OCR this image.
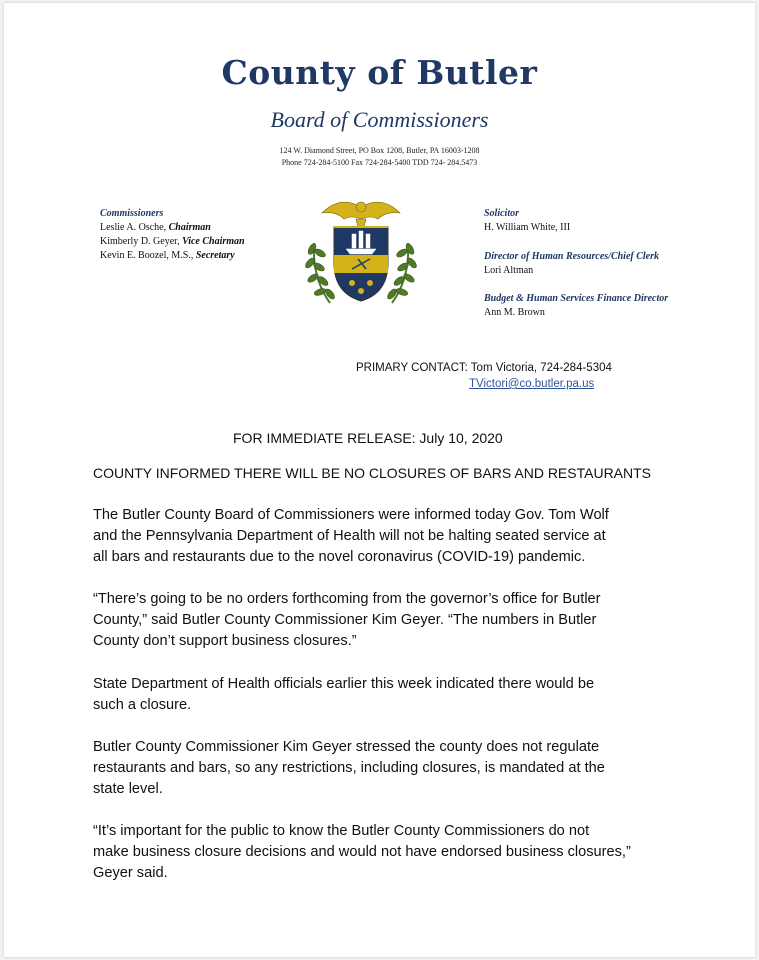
County of Butler
Board of Commissioners
124 W. Diamond Street, PO Box 1208, Butler, PA 16003-1208
Phone 724-284-5100 Fax 724-284-5400 TDD 724- 284.5473
Commissioners
Leslie A. Osche, Chairman
Kimberly D. Geyer, Vice Chairman
Kevin E. Boozel, M.S., Secretary
Solicitor
H. William White, III
Director of Human Resources/Chief Clerk
Lori Altman
Budget & Human Services Finance Director
Ann M. Brown
PRIMARY CONTACT: Tom Victoria, 724-284-5304
TVictori@co.butler.pa.us
FOR IMMEDIATE RELEASE: July 10, 2020
COUNTY INFORMED THERE WILL BE NO CLOSURES OF BARS AND RESTAURANTS
The Butler County Board of Commissioners were informed today Gov. Tom Wolf
and the Pennsylvania Department of Health will not be halting seated service at
all bars and restaurants due to the novel coronavirus (COVID-19) pandemic.
“There’s going to be no orders forthcoming from the governor’s office for Butler
County,” said Butler County Commissioner Kim Geyer. “The numbers in Butler
County don’t support business closures.”
State Department of Health officials earlier this week indicated there would be
such a closure.
Butler County Commissioner Kim Geyer stressed the county does not regulate
restaurants and bars, so any restrictions, including closures, is mandated at the
state level.
“It’s important for the public to know the Butler County Commissioners do not
make business closure decisions and would not have endorsed business closures,”
Geyer said.
